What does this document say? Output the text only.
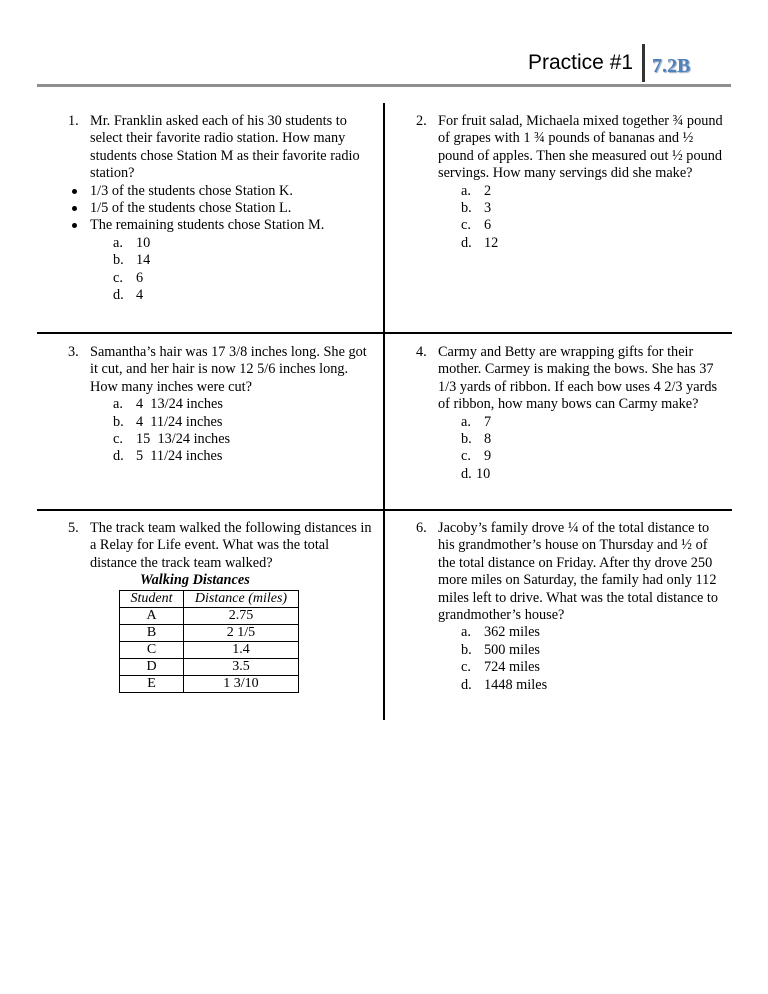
Practice #1 7.2B
1. Mr. Franklin asked each of his 30 students to select their favorite radio station. How many students chose Station M as their favorite radio station?

1/3 of the students chose Station K.
1/5 of the students chose Station L.
The remaining students chose Station M.
a. 10
b. 14
c. 6
d. 4
2. For fruit salad, Michaela mixed together ¾ pound of grapes with 1 ¾ pounds of bananas and ½ pound of apples. Then she measured out ½ pound servings. How many servings did she make?

a. 2
b. 3
c. 6
d. 12
3. Samantha’s hair was 17 3/8 inches long. She got it cut, and her hair is now 12 5/6 inches long. How many inches were cut?

a. 4  13/24 inches
b. 4  11/24 inches
c. 15  13/24 inches
d. 5  11/24 inches
4. Carmy and Betty are wrapping gifts for their mother. Carmey is making the bows. She has 37 1/3 yards of ribbon. If each bow uses 4 2/3 yards of ribbon, how many bows can Carmy make?

a. 7
b. 8
c. 9
d. 10
5. The track team walked the following distances in a Relay for Life event. What was the total distance the track team walked?

Walking Distances
Student	Distance (miles)
A	2.75
B	2 1/5
C	1.4
D	3.5
E	1 3/10
6. Jacoby’s family drove ¼ of the total distance to his grandmother’s house on Thursday and ½ of the total distance on Friday. After thy drove 250 more miles on Saturday, the family had only 112 miles left to drive. What was the total distance to grandmother’s house?

a. 362 miles
b. 500 miles
c. 724 miles
d. 1448 miles
